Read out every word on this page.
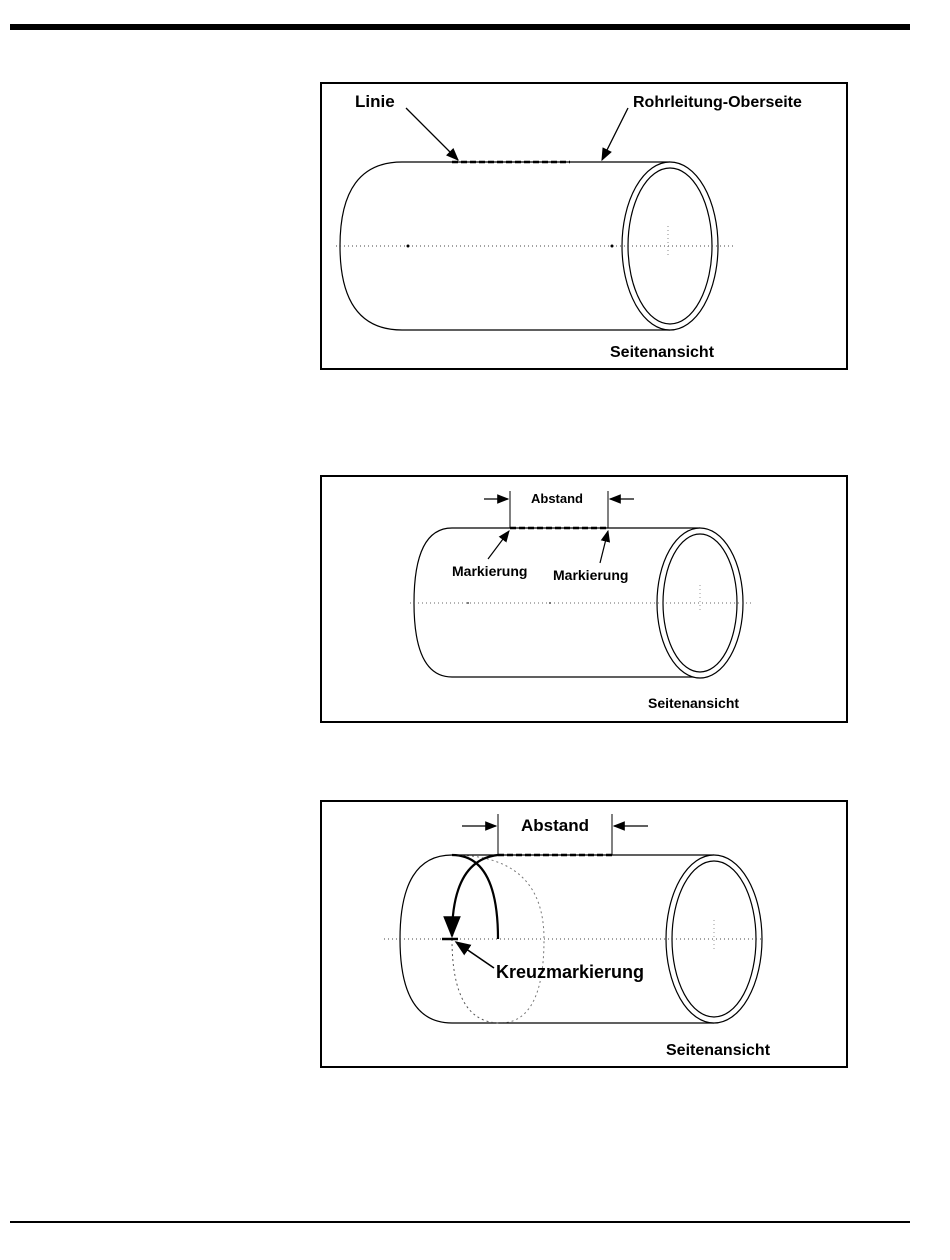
Linie	Rohrleitung-Oberseite
Seitenansicht
Abstand
Markierung Markierung
Seitenansicht
Abstand
Kreuzmarkierung
Seitenansicht
